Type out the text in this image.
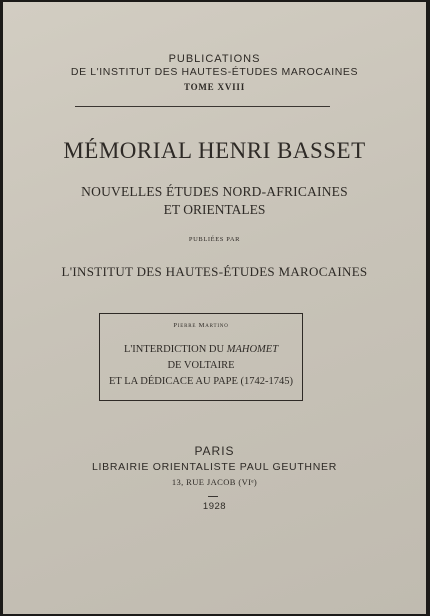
PUBLICATIONS
DE L'INSTITUT DES HAUTES-ÉTUDES MAROCAINES
TOME XVIII
MÉMORIAL HENRI BASSET
NOUVELLES ÉTUDES NORD-AFRICAINES
ET ORIENTALES
PUBLIÉES PAR
L'INSTITUT DES HAUTES-ÉTUDES MAROCAINES
Pierre Martino
L'INTERDICTION DU MAHOMET
DE VOLTAIRE
ET LA DÉDICACE AU PAPE (1742-1745)
PARIS
LIBRAIRIE ORIENTALISTE PAUL GEUTHNER
13, RUE JACOB (VIᵉ)
1928
